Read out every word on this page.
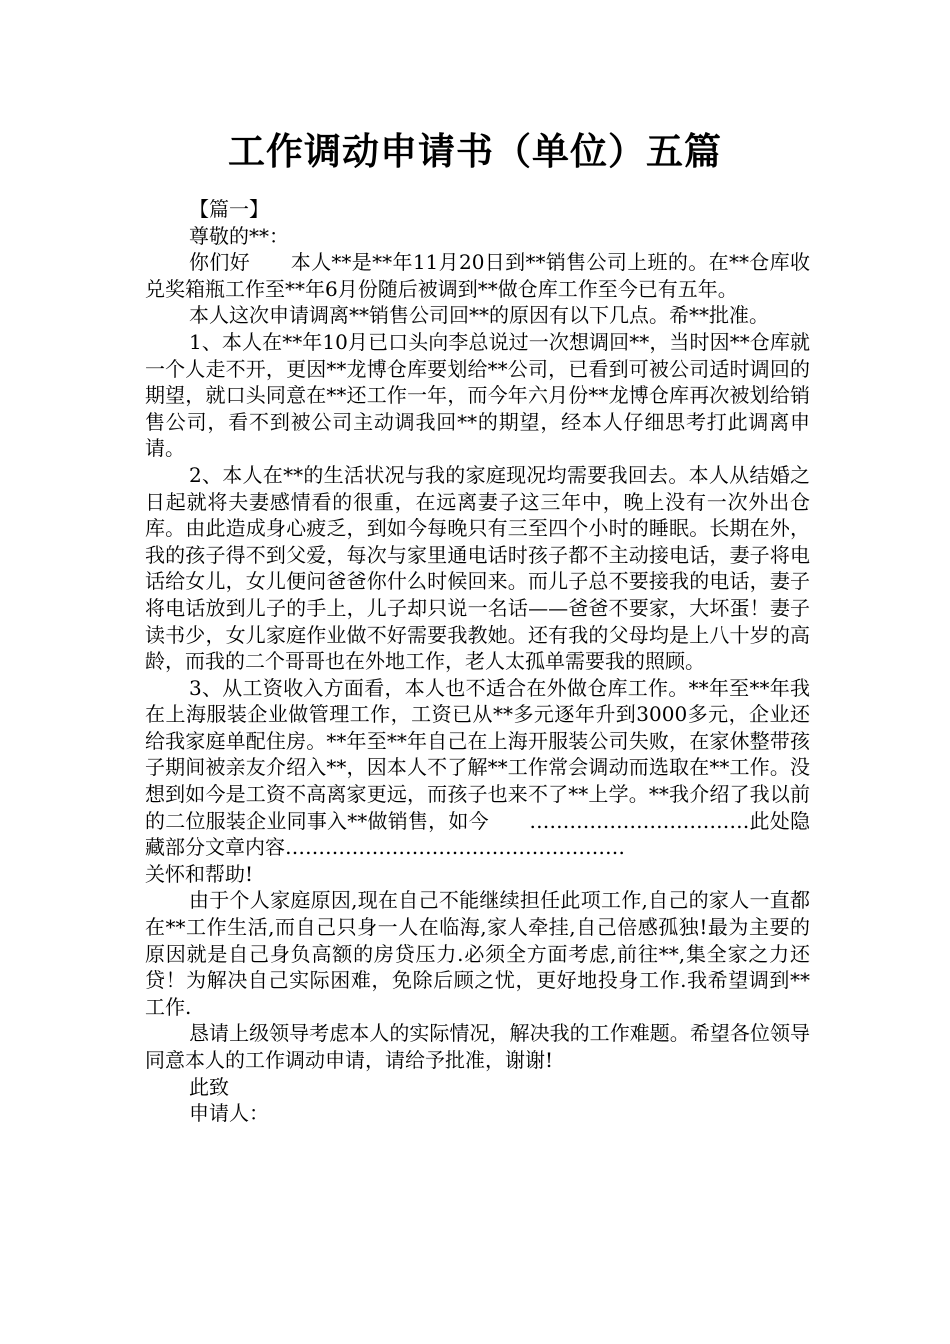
工作调动申请书（单位）五篇

【篇一】

尊敬的**：

你们好　　本人**是**年11月20日到**销售公司上班的。在**仓库收兑奖箱瓶工作至**年6月份随后被调到**做仓库工作至今已有五年。

本人这次申请调离**销售公司回**的原因有以下几点。希**批准。

1、本人在**年10月已口头向李总说过一次想调回**，当时因**仓库就一个人走不开，更因**龙博仓库要划给**公司，已看到可被公司适时调回的期望，就口头同意在**还工作一年，而今年六月份**龙博仓库再次被划给销售公司，看不到被公司主动调我回**的期望，经本人仔细思考打此调离申请。

2、本人在**的生活状况与我的家庭现况均需要我回去。本人从结婚之日起就将夫妻感情看的很重，在远离妻子这三年中，晚上没有一次外出仓库。由此造成身心疲乏，到如今每晚只有三至四个小时的睡眠。长期在外，我的孩子得不到父爱，每次与家里通电话时孩子都不主动接电话，妻子将电话给女儿，女儿便问爸爸你什么时候回来。而儿子总不要接我的电话，妻子将电话放到儿子的手上，儿子却只说一名话——爸爸不要家，大坏蛋！妻子读书少，女儿家庭作业做不好需要我教她。还有我的父母均是上八十岁的高龄，而我的二个哥哥也在外地工作，老人太孤单需要我的照顾。

3、从工资收入方面看，本人也不适合在外做仓库工作。**年至**年我在上海服装企业做管理工作，工资已从**多元逐年升到3000多元，企业还给我家庭单配住房。**年至**年自己在上海开服装公司失败，在家休整带孩子期间被亲友介绍入**，因本人不了解**工作常会调动而选取在**工作。没想到如今是工资不高离家更远，而孩子也来不了**上学。**我介绍了我以前的二位服装企业同事入**做销售，如今　　……………………………此处隐藏部分文章内容……………………………………………

关怀和帮助!

由于个人家庭原因,现在自己不能继续担任此项工作,自己的家人一直都在**工作生活,而自己只身一人在临海,家人牵挂,自己倍感孤独!最为主要的原因就是自己身负高额的房贷压力.必须全方面考虑,前往**,集全家之力还贷！为解决自己实际困难，免除后顾之忧，更好地投身工作.我希望调到**工作.

恳请上级领导考虑本人的实际情况，解决我的工作难题。希望各位领导同意本人的工作调动申请，请给予批准，谢谢!

此致

申请人：
